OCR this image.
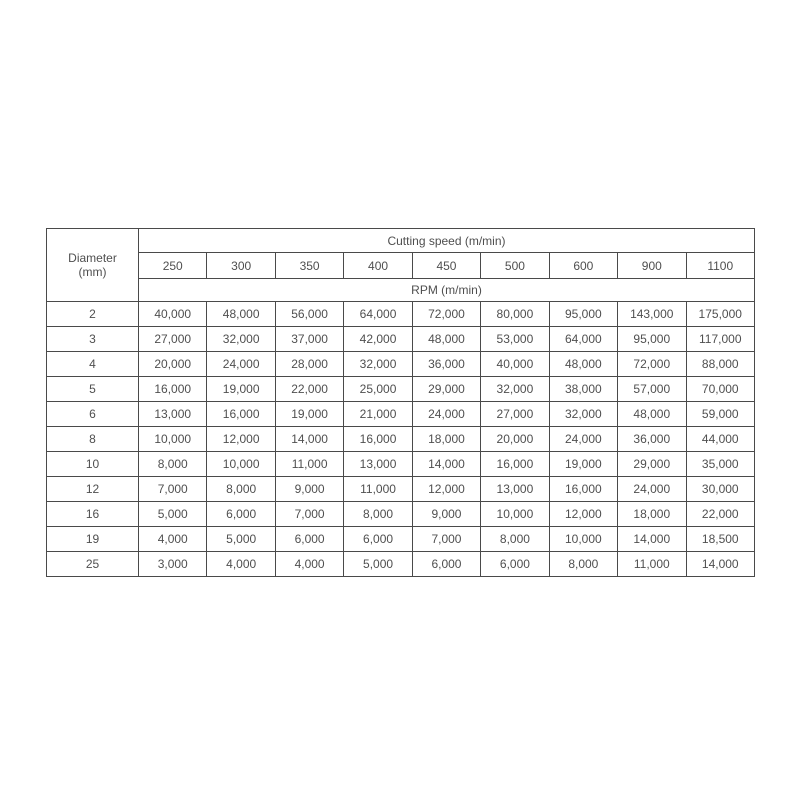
Diameter
(mm)	Cutting speed (m/min)								
	250	300	350	400	450	500	600	900	1100
	RPM (m/min)								
2	40,000	48,000	56,000	64,000	72,000	80,000	95,000	143,000	175,000
3	27,000	32,000	37,000	42,000	48,000	53,000	64,000	95,000	117,000
4	20,000	24,000	28,000	32,000	36,000	40,000	48,000	72,000	88,000
5	16,000	19,000	22,000	25,000	29,000	32,000	38,000	57,000	70,000
6	13,000	16,000	19,000	21,000	24,000	27,000	32,000	48,000	59,000
8	10,000	12,000	14,000	16,000	18,000	20,000	24,000	36,000	44,000
10	8,000	10,000	11,000	13,000	14,000	16,000	19,000	29,000	35,000
12	7,000	8,000	9,000	11,000	12,000	13,000	16,000	24,000	30,000
16	5,000	6,000	7,000	8,000	9,000	10,000	12,000	18,000	22,000
19	4,000	5,000	6,000	6,000	7,000	8,000	10,000	14,000	18,500
25	3,000	4,000	4,000	5,000	6,000	6,000	8,000	11,000	14,000
